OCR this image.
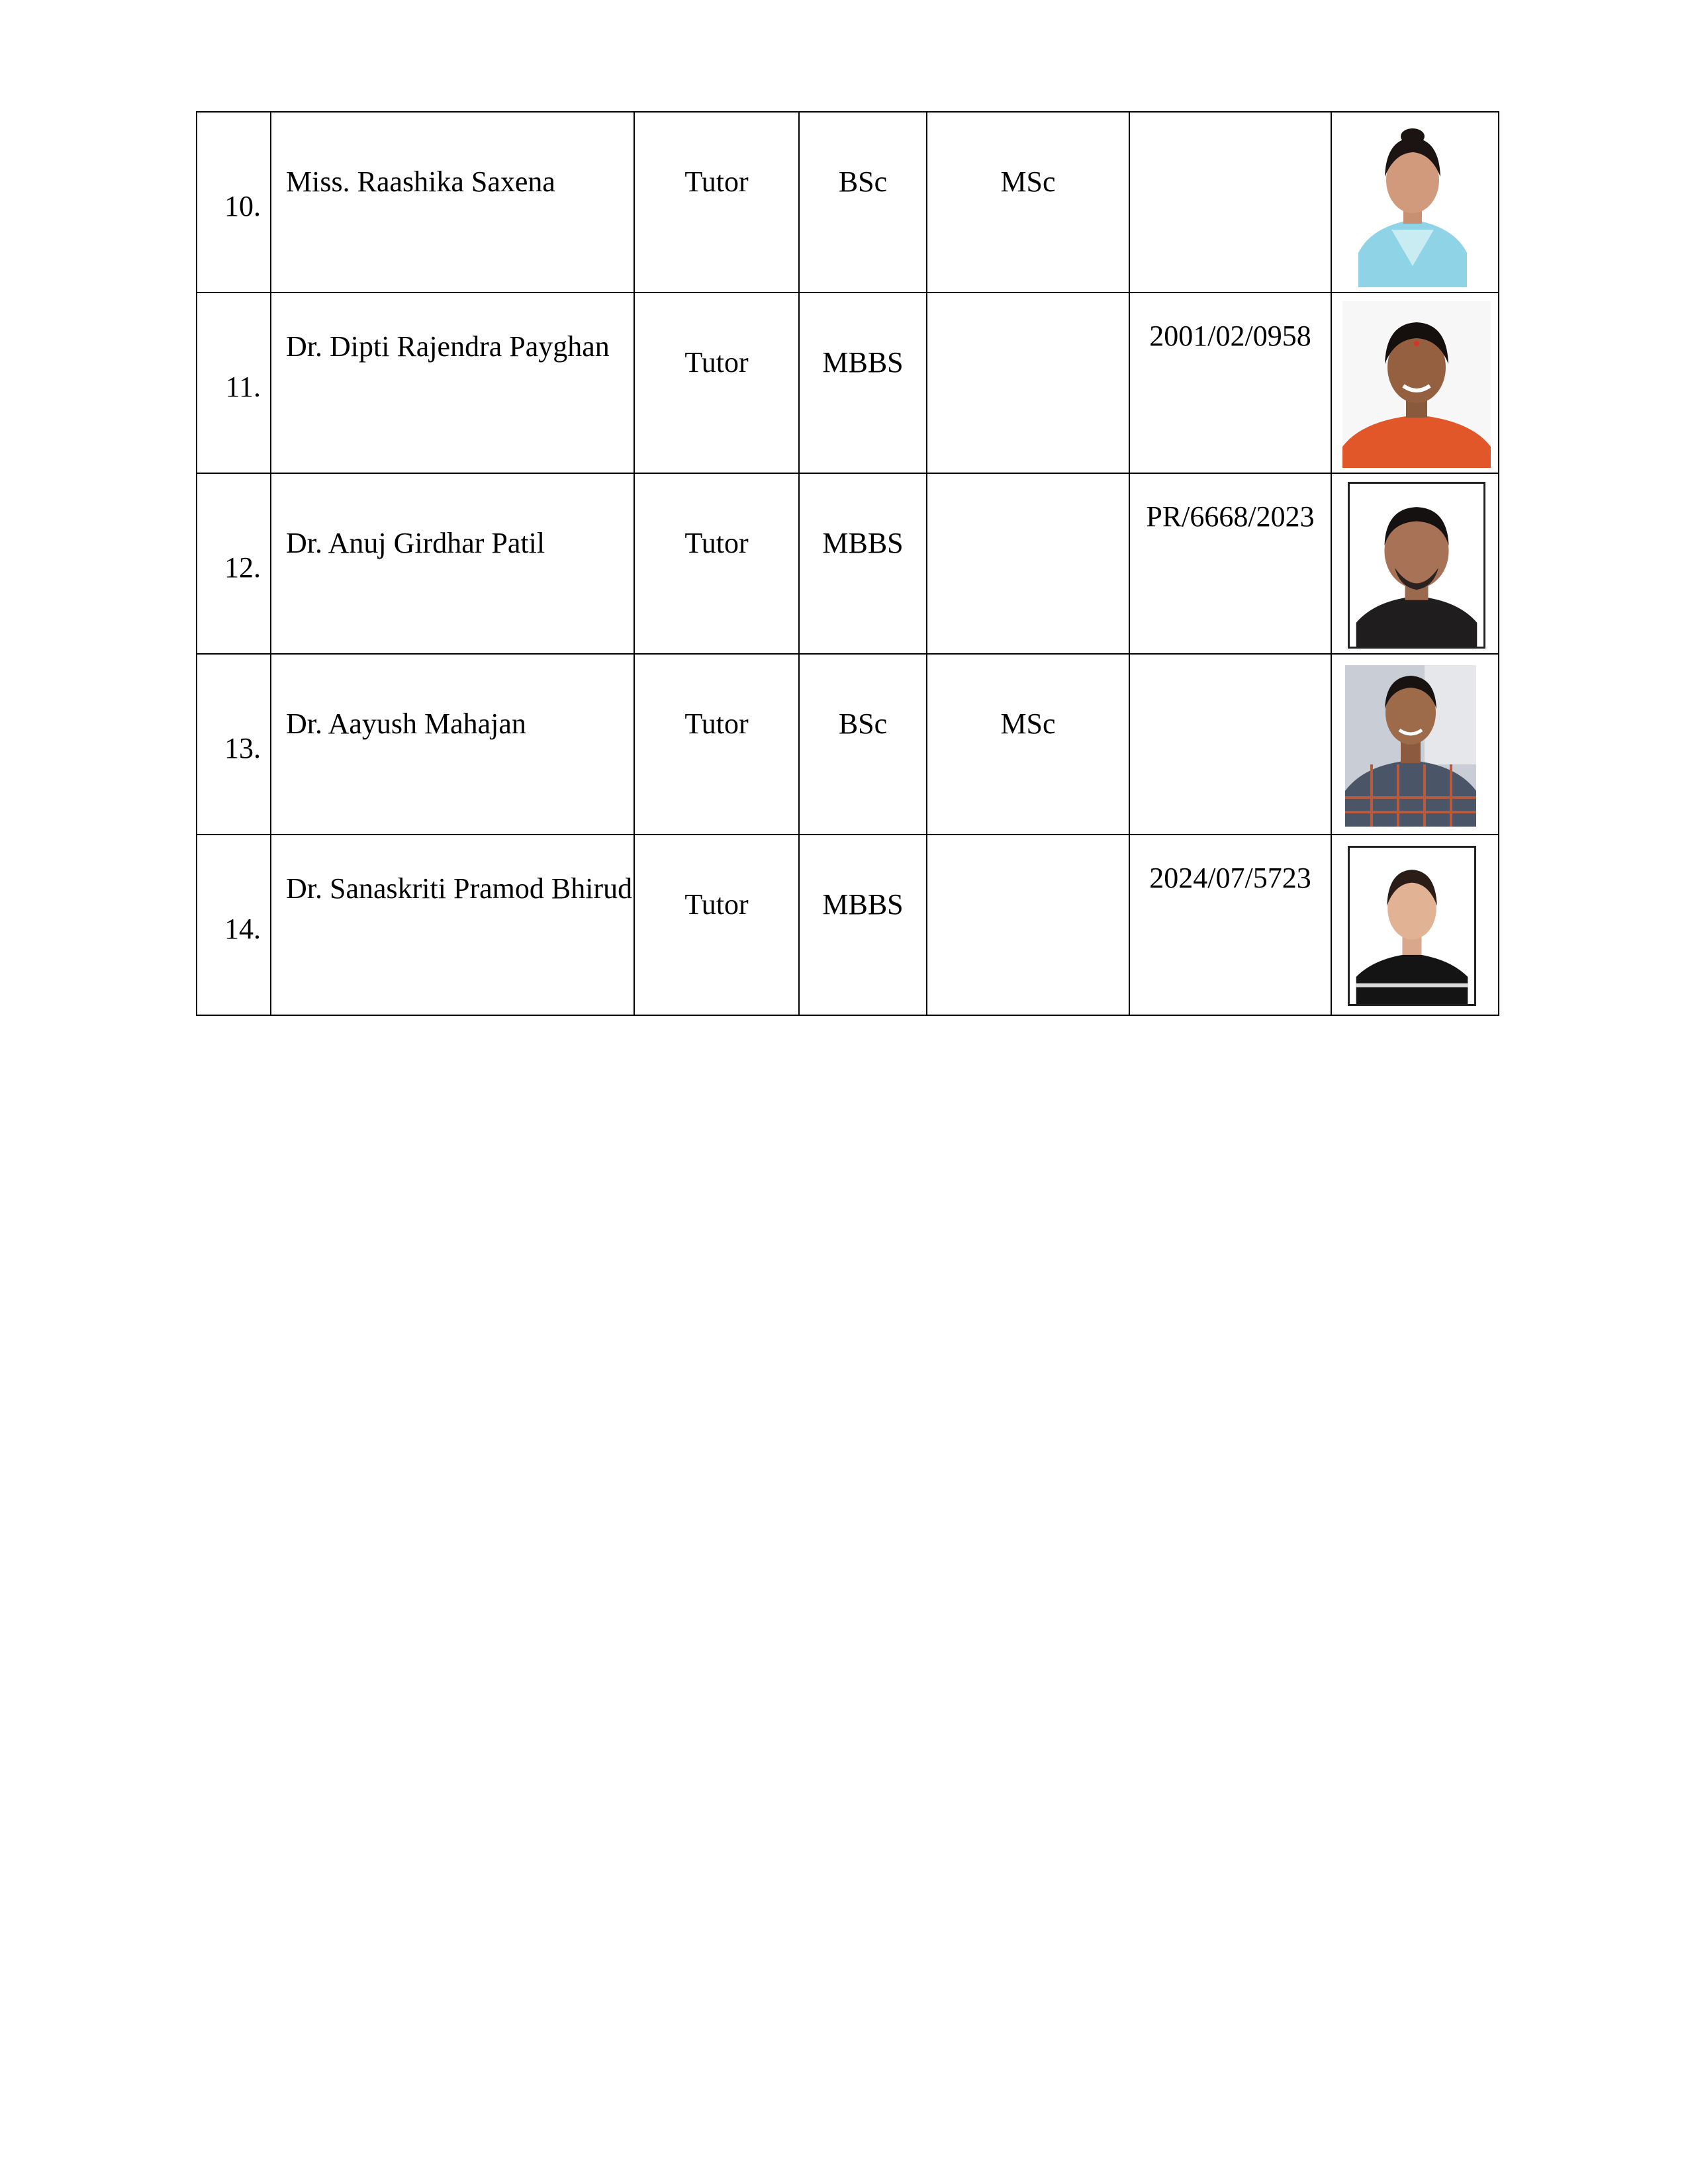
10.	Miss. Raashika Saxena	Tutor	BSc	MSc		

11.	Dr. Dipti Rajendra Payghan	Tutor	MBBS		2001/02/0958	

12.	Dr. Anuj Girdhar Patil	Tutor	MBBS		PR/6668/2023	

13.	Dr. Aayush Mahajan	Tutor	BSc	MSc		

14.	Dr. Sanaskriti Pramod Bhirud	Tutor	MBBS		2024/07/5723	
